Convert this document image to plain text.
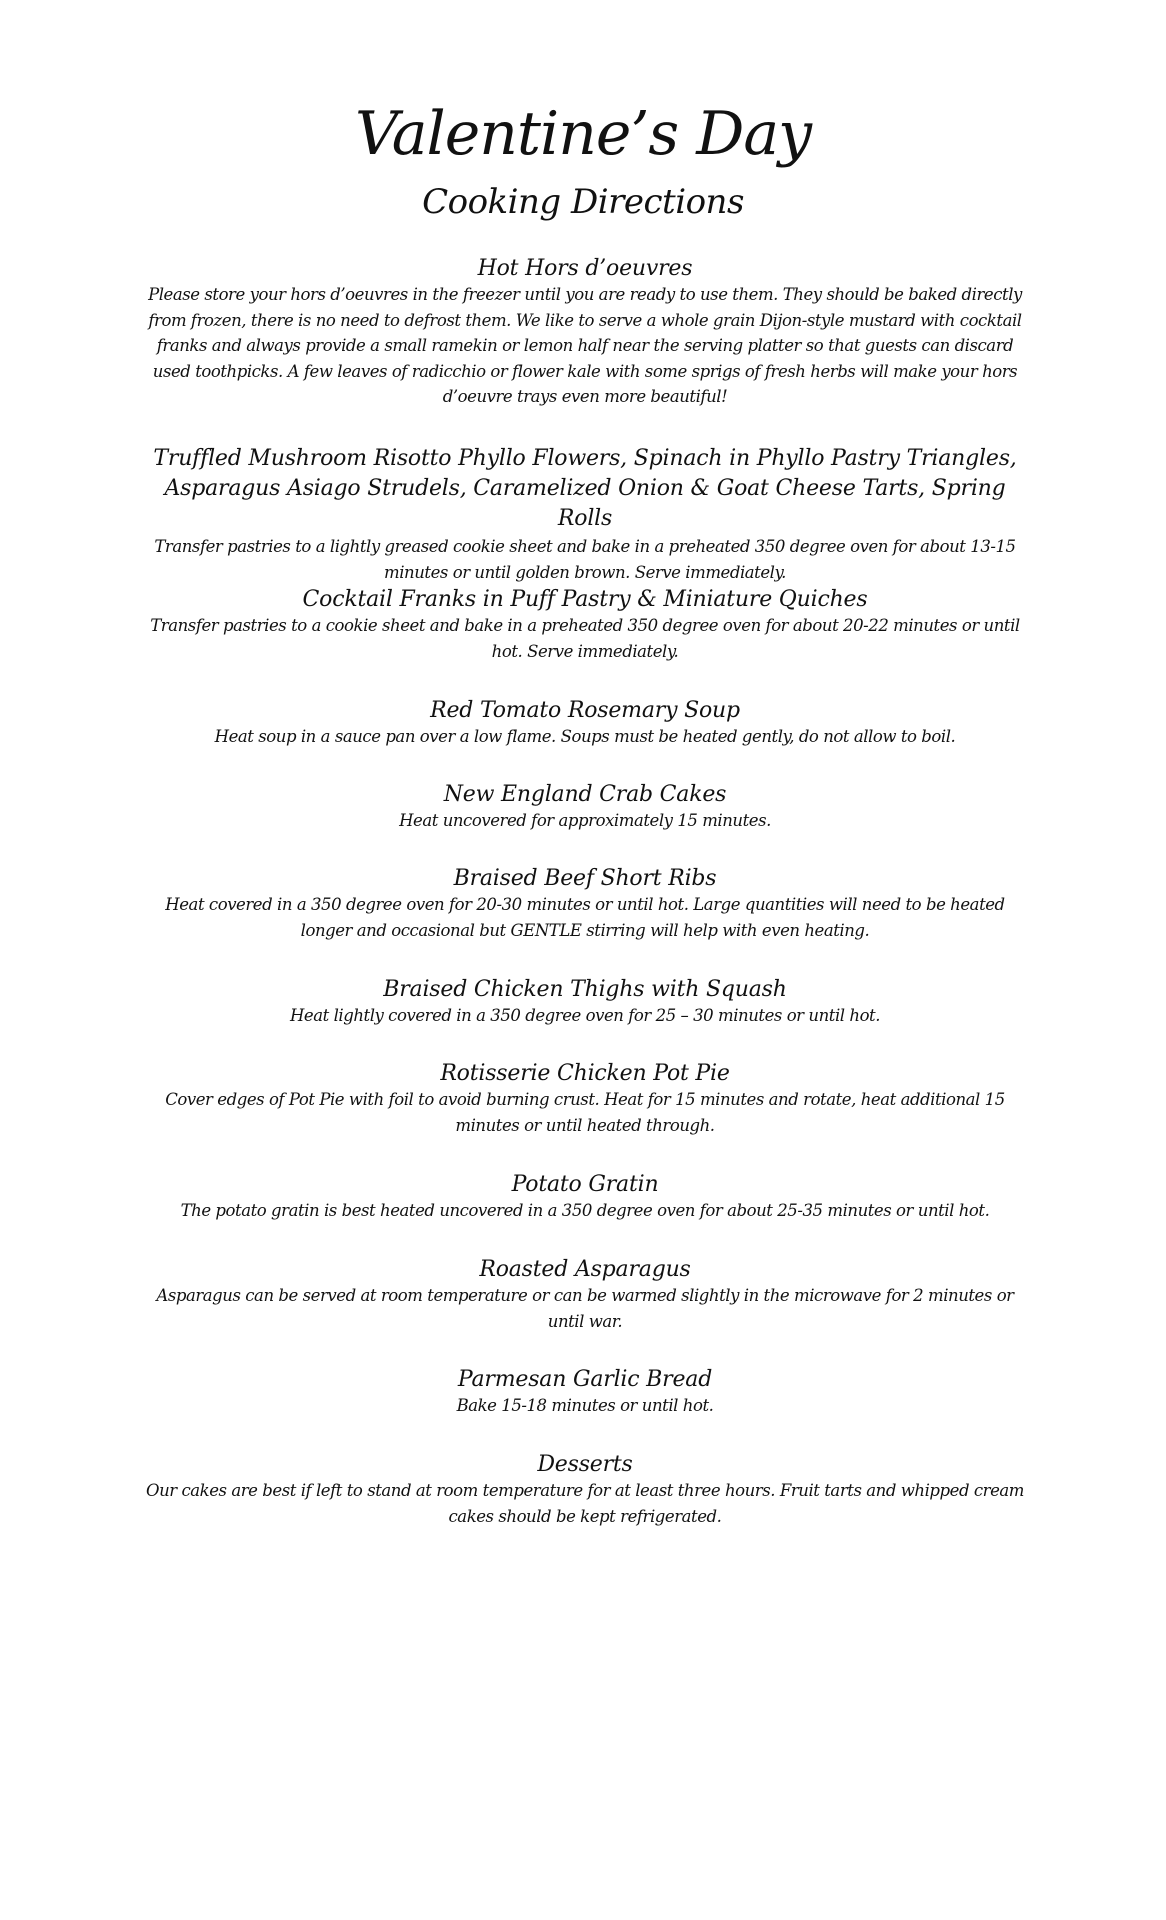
Valentine’s Day
Cooking Directions
Hot Hors d’oeuvres
Please store your hors d’oeuvres in the freezer until you are ready to use them. They should be baked directly from frozen, there is no need to defrost them. We like to serve a whole grain Dijon-style mustard with cocktail franks and always provide a small ramekin or lemon half near the serving platter so that guests can discard used toothpicks. A few leaves of radicchio or flower kale with some sprigs of fresh herbs will make your hors d’oeuvre trays even more beautiful!
Truffled Mushroom Risotto Phyllo Flowers, Spinach in Phyllo Pastry Triangles, Asparagus Asiago Strudels, Caramelized Onion & Goat Cheese Tarts, Spring Rolls
Transfer pastries to a lightly greased cookie sheet and bake in a preheated 350 degree oven for about 13-15 minutes or until golden brown. Serve immediately.
Cocktail Franks in Puff Pastry & Miniature Quiches
Transfer pastries to a cookie sheet and bake in a preheated 350 degree oven for about 20-22 minutes or until hot. Serve immediately.
Red Tomato Rosemary Soup
Heat soup in a sauce pan over a low flame. Soups must be heated gently, do not allow to boil.
New England Crab Cakes
Heat uncovered for approximately 15 minutes.
Braised Beef Short Ribs
Heat covered in a 350 degree oven for 20-30 minutes or until hot. Large quantities will need to be heated longer and occasional but GENTLE stirring will help with even heating.
Braised Chicken Thighs with Squash
Heat lightly covered in a 350 degree oven for 25 – 30 minutes or until hot.
Rotisserie Chicken Pot Pie
Cover edges of Pot Pie with foil to avoid burning crust. Heat for 15 minutes and rotate, heat additional 15 minutes or until heated through.
Potato Gratin
The potato gratin is best heated uncovered in a 350 degree oven for about 25-35 minutes or until hot.
Roasted Asparagus
Asparagus can be served at room temperature or can be warmed slightly in the microwave for 2 minutes or until war.
Parmesan Garlic Bread
Bake 15-18 minutes or until hot.
Desserts
Our cakes are best if left to stand at room temperature for at least three hours. Fruit tarts and whipped cream cakes should be kept refrigerated.
